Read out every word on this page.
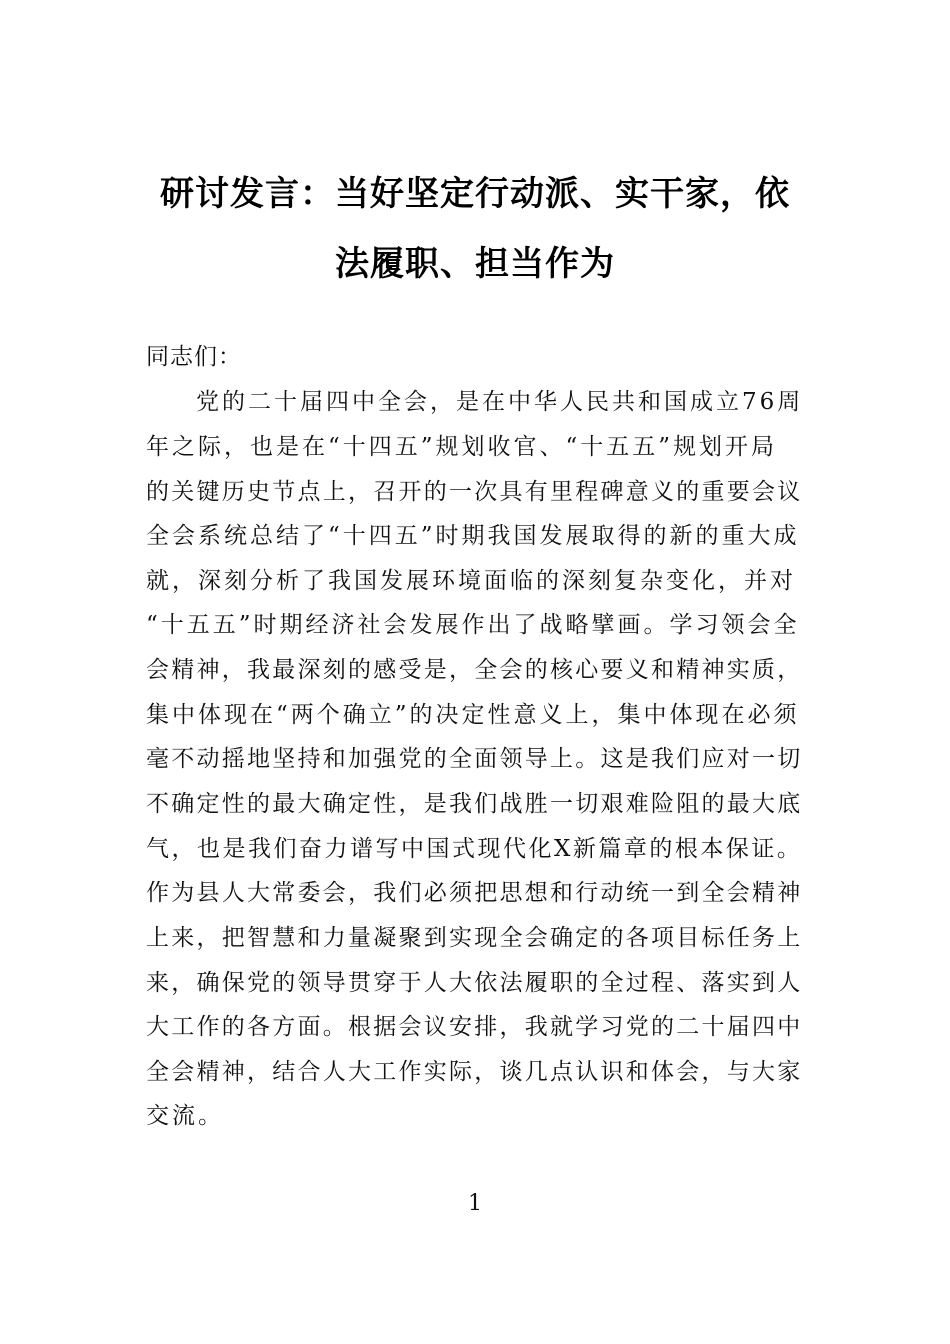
研讨发言：当好坚定行动派、实干家，依
法履职、担当作为
同志们：
党的二十届四中全会，是在中华人民共和国成立76周
年之际，也是在“十四五”规划收官、“十五五”规划开局
的关键历史节点上，召开的一次具有里程碑意义的重要会议
全会系统总结了“十四五”时期我国发展取得的新的重大成
就，深刻分析了我国发展环境面临的深刻复杂变化，并对
“十五五”时期经济社会发展作出了战略擘画。学习领会全
会精神，我最深刻的感受是，全会的核心要义和精神实质，
集中体现在“两个确立”的决定性意义上，集中体现在必须
毫不动摇地坚持和加强党的全面领导上。这是我们应对一切
不确定性的最大确定性，是我们战胜一切艰难险阻的最大底
气，也是我们奋力谱写中国式现代化X新篇章的根本保证。
作为县人大常委会，我们必须把思想和行动统一到全会精神
上来，把智慧和力量凝聚到实现全会确定的各项目标任务上
来，确保党的领导贯穿于人大依法履职的全过程、落实到人
大工作的各方面。根据会议安排，我就学习党的二十届四中
全会精神，结合人大工作实际，谈几点认识和体会，与大家
交流。
1
